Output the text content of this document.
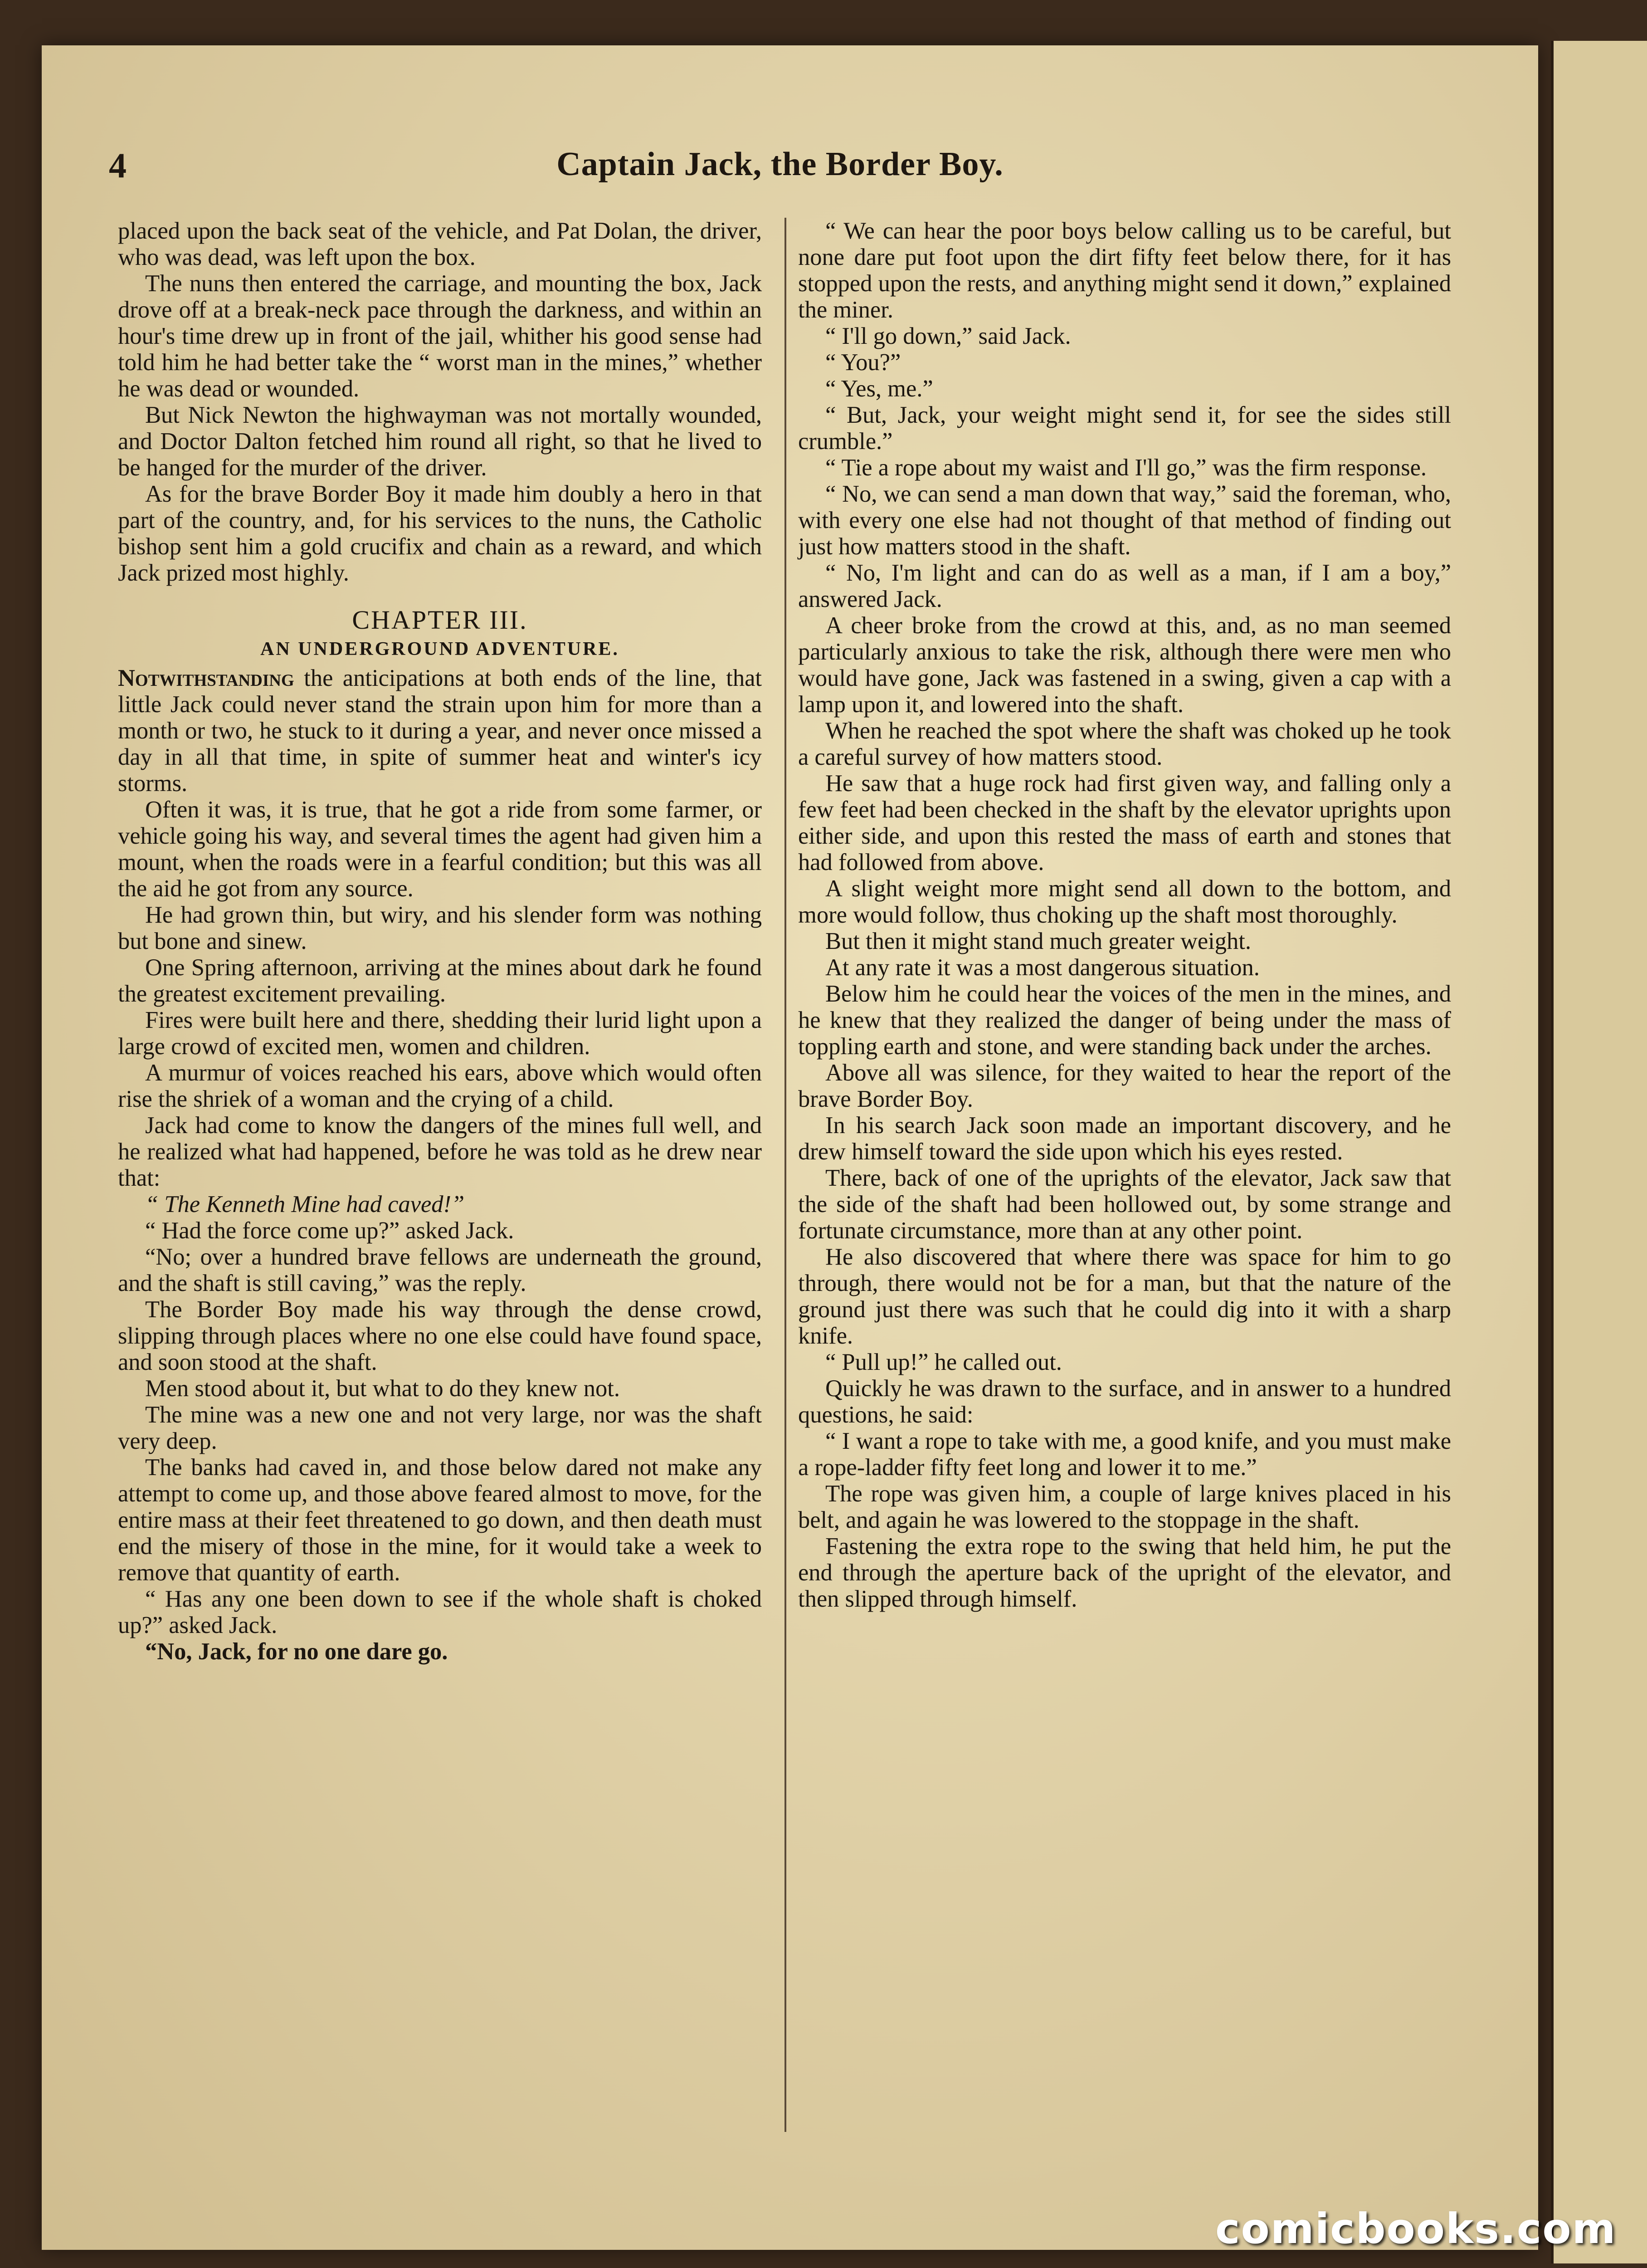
4	Captain Jack, the Border Boy.

placed upon the back seat of the vehicle, and Pat Dolan, the driver, who was dead, was left upon the box.

The nuns then entered the carriage, and mounting the box, Jack drove off at a break-neck pace through the darkness, and within an hour's time drew up in front of the jail, whither his good sense had told him he had better take the “ worst man in the mines,” whether he was dead or wounded.

But Nick Newton the highwayman was not mortally wounded, and Doctor Dalton fetched him round all right, so that he lived to be hanged for the murder of the driver.

As for the brave Border Boy it made him doubly a hero in that part of the country, and, for his services to the nuns, the Catholic bishop sent him a gold crucifix and chain as a reward, and which Jack prized most highly.

CHAPTER III.
AN UNDERGROUND ADVENTURE.

Notwithstanding the anticipations at both ends of the line, that little Jack could never stand the strain upon him for more than a month or two, he stuck to it during a year, and never once missed a day in all that time, in spite of summer heat and winter's icy storms.

Often it was, it is true, that he got a ride from some farmer, or vehicle going his way, and several times the agent had given him a mount, when the roads were in a fearful condition; but this was all the aid he got from any source.

He had grown thin, but wiry, and his slender form was nothing but bone and sinew.

One Spring afternoon, arriving at the mines about dark he found the greatest excitement prevailing.

Fires were built here and there, shedding their lurid light upon a large crowd of excited men, women and children.

A murmur of voices reached his ears, above which would often rise the shriek of a woman and the crying of a child.

Jack had come to know the dangers of the mines full well, and he realized what had happened, before he was told as he drew near that:

“ The Kenneth Mine had caved!”

“ Had the force come up?” asked Jack.

“No; over a hundred brave fellows are underneath the ground, and the shaft is still caving,” was the reply.

The Border Boy made his way through the dense crowd, slipping through places where no one else could have found space, and soon stood at the shaft.

Men stood about it, but what to do they knew not.

The mine was a new one and not very large, nor was the shaft very deep.

The banks had caved in, and those below dared not make any attempt to come up, and those above feared almost to move, for the entire mass at their feet threatened to go down, and then death must end the misery of those in the mine, for it would take a week to remove that quantity of earth.

“ Has any one been down to see if the whole shaft is choked up?” asked Jack.

“No, Jack, for no one dare go.

“ We can hear the poor boys below calling us to be careful, but none dare put foot upon the dirt fifty feet below there, for it has stopped upon the rests, and anything might send it down,” explained the miner.

“ I'll go down,” said Jack.

“ You?”

“ Yes, me.”

“ But, Jack, your weight might send it, for see the sides still crumble.”

“ Tie a rope about my waist and I'll go,” was the firm response.

“ No, we can send a man down that way,” said the foreman, who, with every one else had not thought of that method of finding out just how matters stood in the shaft.

“ No, I'm light and can do as well as a man, if I am a boy,” answered Jack.

A cheer broke from the crowd at this, and, as no man seemed particularly anxious to take the risk, although there were men who would have gone, Jack was fastened in a swing, given a cap with a lamp upon it, and lowered into the shaft.

When he reached the spot where the shaft was choked up he took a careful survey of how matters stood.

He saw that a huge rock had first given way, and falling only a few feet had been checked in the shaft by the elevator uprights upon either side, and upon this rested the mass of earth and stones that had followed from above.

A slight weight more might send all down to the bottom, and more would follow, thus choking up the shaft most thoroughly.

But then it might stand much greater weight.

At any rate it was a most dangerous situation.

Below him he could hear the voices of the men in the mines, and he knew that they realized the danger of being under the mass of toppling earth and stone, and were standing back under the arches.

Above all was silence, for they waited to hear the report of the brave Border Boy.

In his search Jack soon made an important discovery, and he drew himself toward the side upon which his eyes rested.

There, back of one of the uprights of the elevator, Jack saw that the side of the shaft had been hollowed out, by some strange and fortunate circumstance, more than at any other point.

He also discovered that where there was space for him to go through, there would not be for a man, but that the nature of the ground just there was such that he could dig into it with a sharp knife.

“ Pull up!” he called out.

Quickly he was drawn to the surface, and in answer to a hundred questions, he said:

“ I want a rope to take with me, a good knife, and you must make a rope-ladder fifty feet long and lower it to me.”

The rope was given him, a couple of large knives placed in his belt, and again he was lowered to the stoppage in the shaft.

Fastening the extra rope to the swing that held him, he put the end through the aperture back of the upright of the elevator, and then slipped through himself.

comicbooks.com
